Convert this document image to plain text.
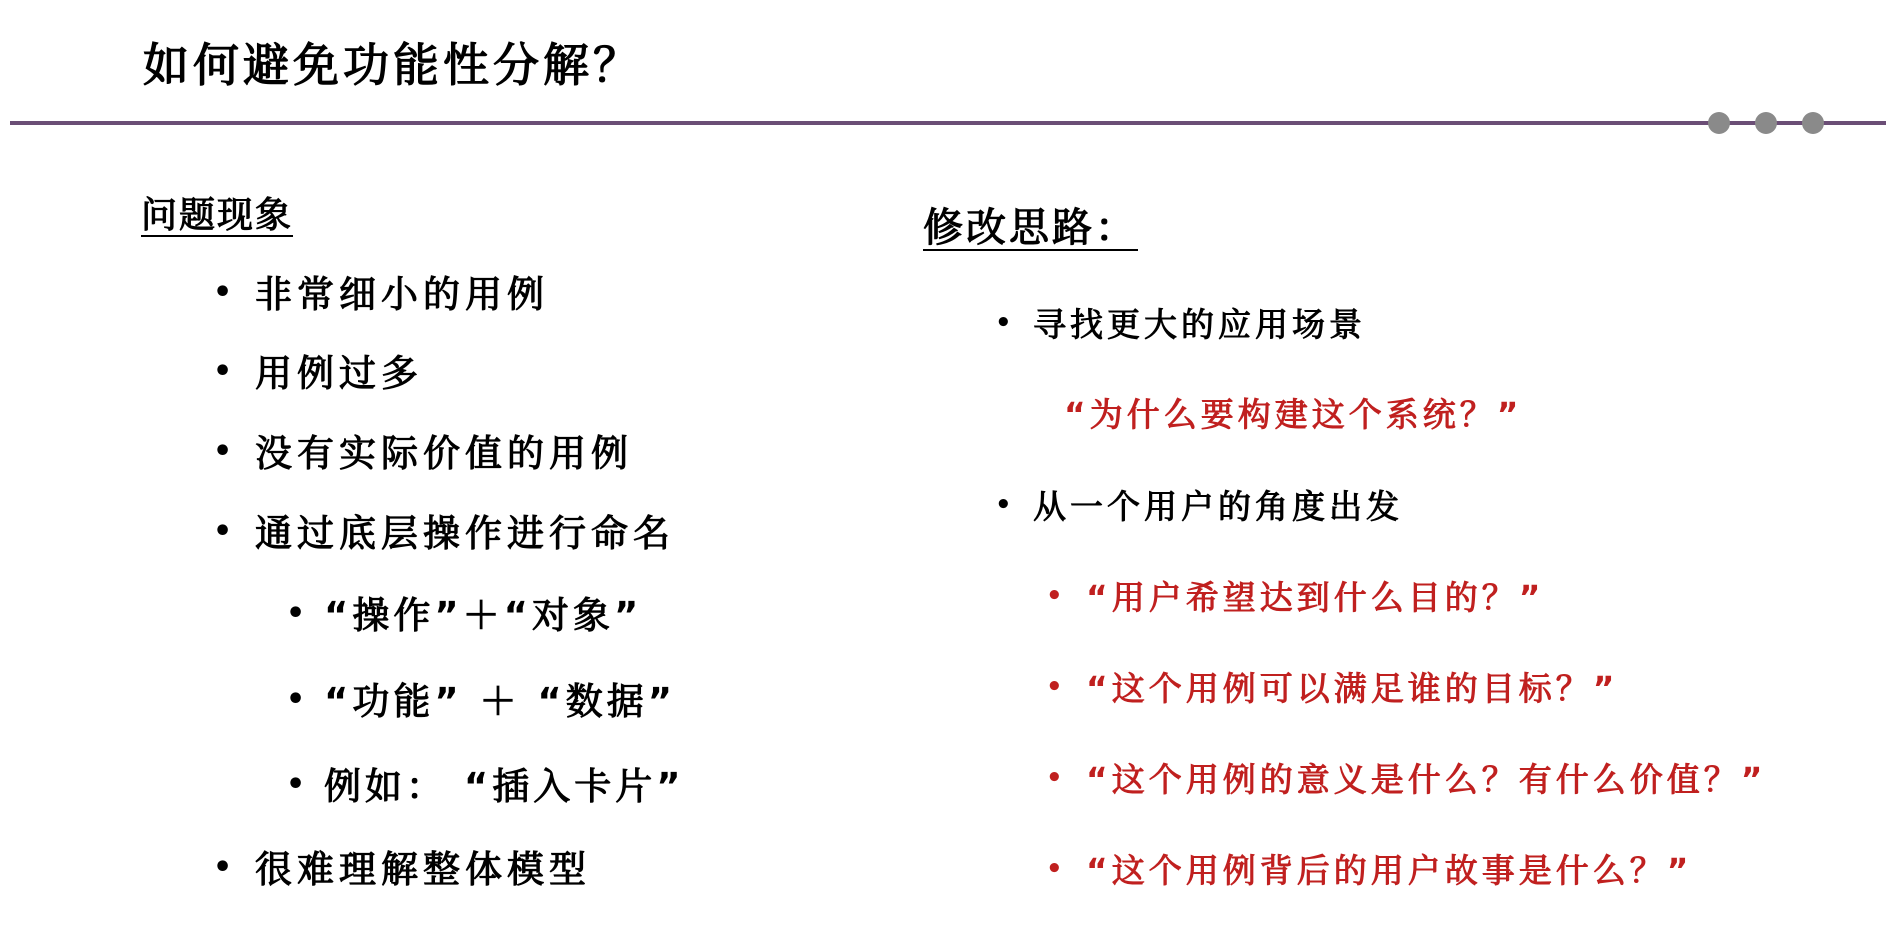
如何避免功能性分解？
问题现象
• 非常细小的用例
• 用例过多
• 没有实际价值的用例
• 通过底层操作进行命名
• “操作”＋“对象”
• “功能” ＋ “数据”
• 例如： “插入卡片”
• 很难理解整体模型
修改思路：
• 寻找更大的应用场景
“为什么要构建这个系统？”
• 从一个用户的角度出发
• “用户希望达到什么目的？”
• “这个用例可以满足谁的目标？”
• “这个用例的意义是什么？有什么价值？”
• “这个用例背后的用户故事是什么？”
